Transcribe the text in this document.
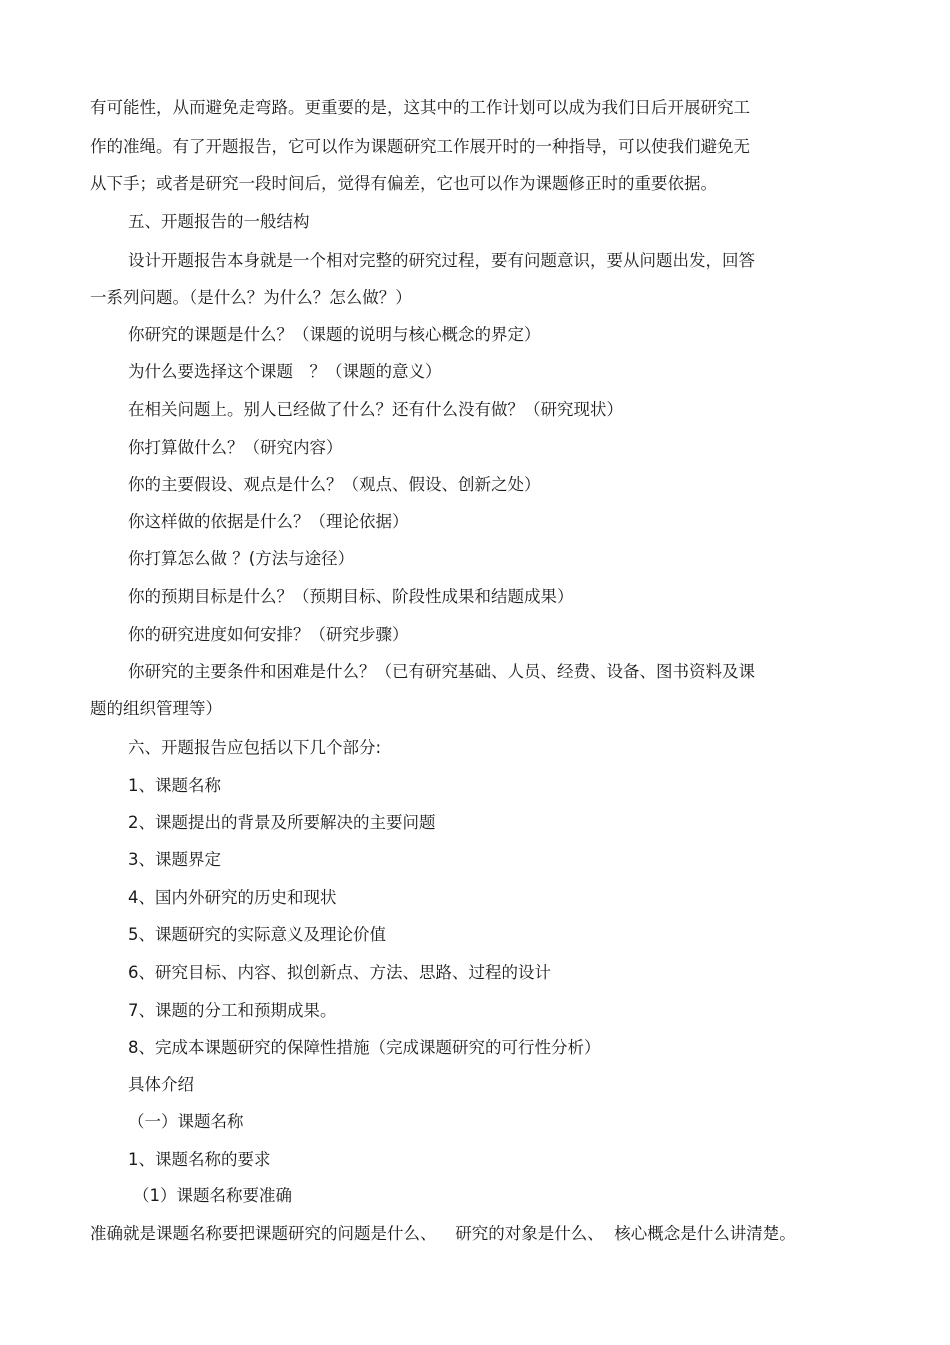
有可能性，从而避免走弯路。更重要的是，这其中的工作计划可以成为我们日后开展研究工
作的准绳。有了开题报告，它可以作为课题研究工作展开时的一种指导，可以使我们避免无
从下手；或者是研究一段时间后，觉得有偏差，它也可以作为课题修正时的重要依据。
五、开题报告的一般结构
设计开题报告本身就是一个相对完整的研究过程，要有问题意识，要从问题出发，回答
一系列问题。（是什么？为什么？怎么做？）
你研究的课题是什么？（课题的说明与核心概念的界定）
为什么要选择这个课题　？（课题的意义）
在相关问题上。别人已经做了什么？还有什么没有做？（研究现状）
你打算做什么？（研究内容）
你的主要假设、观点是什么？（观点、假设、创新之处）
你这样做的依据是什么？（理论依据）
你打算怎么做 ？(方法与途径）
你的预期目标是什么？（预期目标、阶段性成果和结题成果）
你的研究进度如何安排？（研究步骤）
你研究的主要条件和困难是什么？（已有研究基础、人员、经费、设备、图书资料及课
题的组织管理等）
六、开题报告应包括以下几个部分:
1、课题名称
2、课题提出的背景及所要解决的主要问题
3、课题界定
4、国内外研究的历史和现状
5、课题研究的实际意义及理论价值
6、研究目标、内容、拟创新点、方法、思路、过程的设计
7、课题的分工和预期成果。
8、完成本课题研究的保障性措施（完成课题研究的可行性分析）
具体介绍
（一）课题名称
1、课题名称的要求
（1）课题名称要准确
准确就是课题名称要把课题研究的问题是什么、　  研究的对象是什么、  核心概念是什么讲清楚。
